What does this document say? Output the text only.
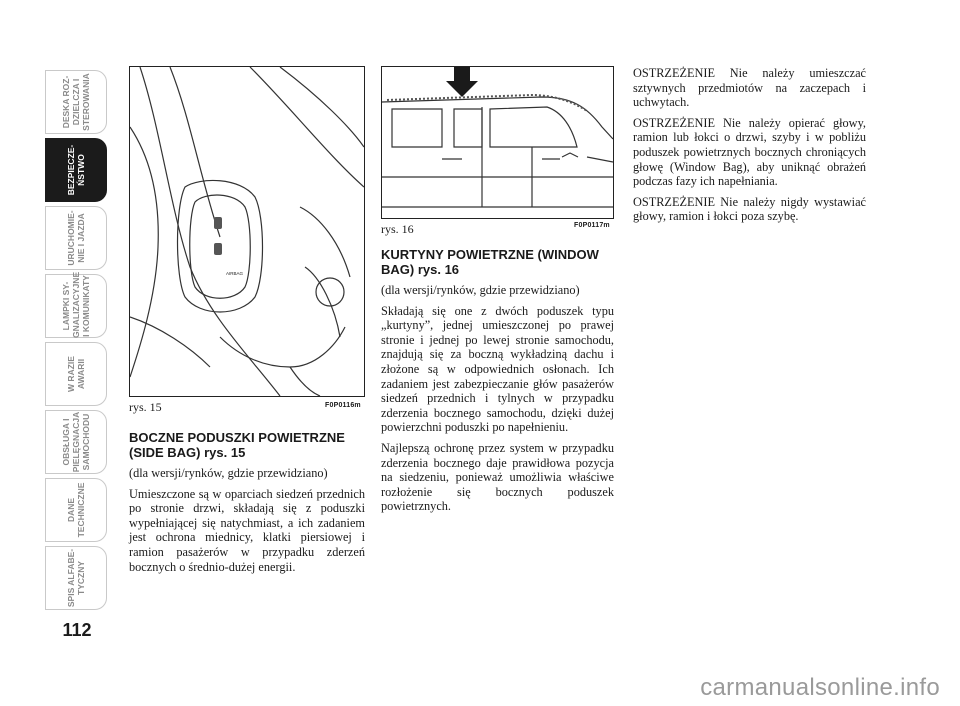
DESKA ROZ-
DZIELCZA I
STEROWANIA
BEZPIECZE-
ŃSTWO
URUCHOMIE-
NIE I JAZDA
LAMPKI SY-
GNALIZACYJNE
I KOMUNIKATY
W RAZIE
AWARII
OBSŁUGA I
PIELĘGNACJA
SAMOCHODU
DANE
TECHNICZNE
SPIS ALFABE-
TYCZNY
112
AIRBAG
rys. 15	F0P0116m
rys. 16	F0P0117m

BOCZNE PODUSZKI POWIETRZNE (SIDE BAG) rys. 15

(dla wersji/rynków, gdzie przewidziano)

Umieszczone są w oparciach siedzeń przednich po stronie drzwi, składają się z poduszki wypełniającej się natychmiast, a ich zadaniem jest ochrona miednicy, klatki piersiowej i ramion pasażerów w przypadku zderzeń bocznych o średnio-dużej energii.

KURTYNY POWIETRZNE (WINDOW BAG) rys. 16

(dla wersji/rynków, gdzie przewidziano)

Składają się one z dwóch poduszek typu „kurtyny”, jednej umieszczonej po prawej stronie i jednej po lewej stronie samochodu, znajdują się za boczną wykładziną dachu i złożone są w odpowiednich osłonach. Ich zadaniem jest zabezpieczanie głów pasażerów siedzeń przednich i tylnych w przypadku zderzenia bocznego samochodu, dzięki dużej powierzchni poduszki po napełnieniu.

Najlepszą ochronę przez system w przypadku zderzenia bocznego daje prawidłowa pozycja na siedzeniu, ponieważ umożliwia właściwe rozłożenie się bocznych poduszek powietrznych.

OSTRZEŻENIE Nie należy umieszczać sztywnych przedmiotów na zaczepach i uchwytach.

OSTRZEŻENIE Nie należy opierać głowy, ramion lub łokci o drzwi, szyby i w pobliżu poduszek powietrznych bocznych chroniących głowę (Window Bag), aby uniknąć obrażeń podczas fazy ich napełniania.

OSTRZEŻENIE Nie należy nigdy wystawiać głowy, ramion i łokci poza szybę.

carmanualsonline.info
